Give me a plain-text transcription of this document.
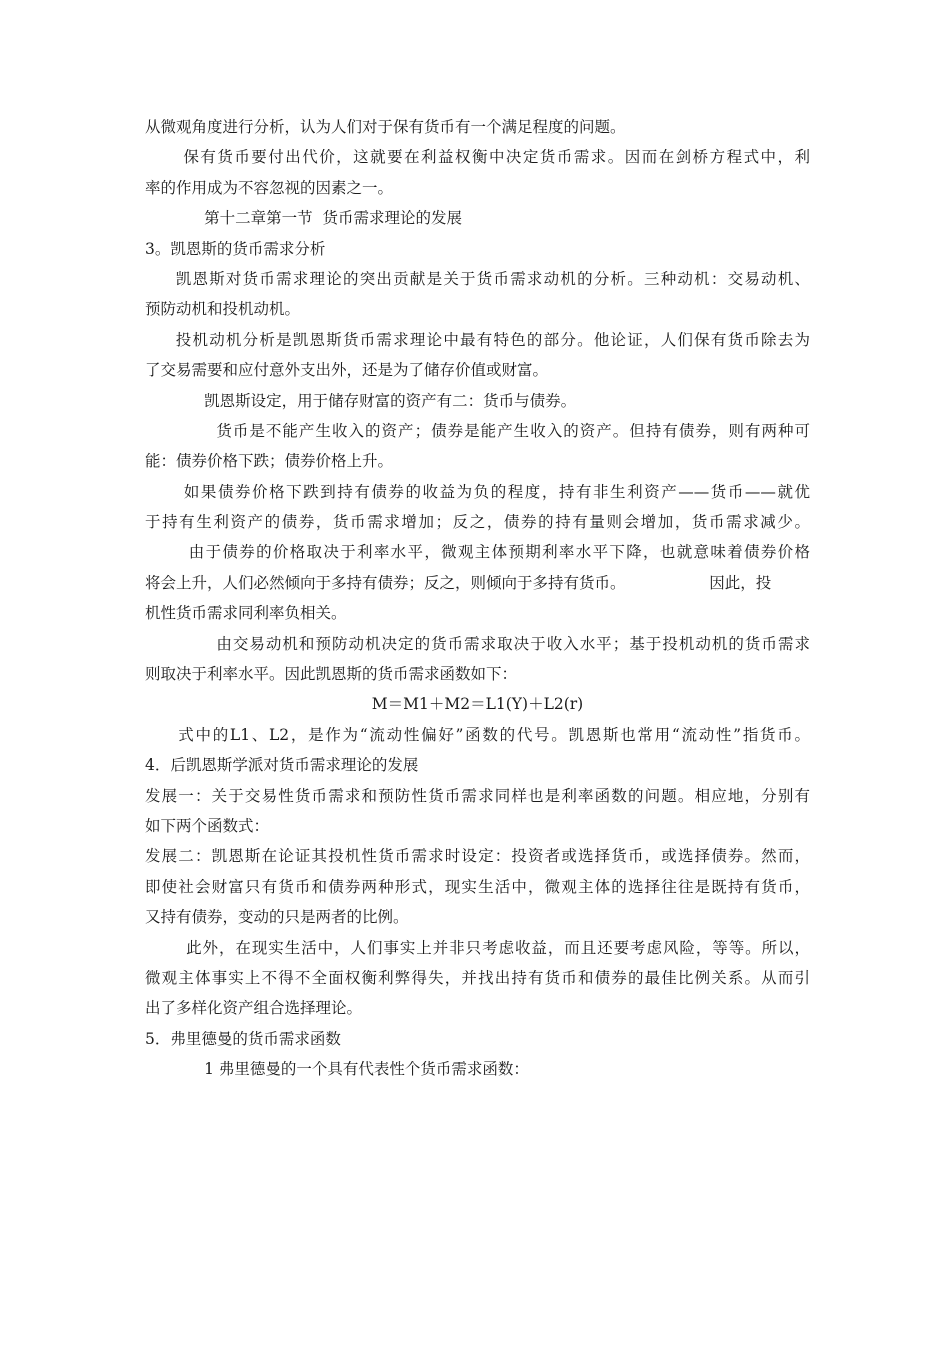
从微观角度进行分析，认为人们对于保有货币有一个满足程度的问题。
保有货币要付出代价，这就要在利益权衡中决定货币需求。因而在剑桥方程式中，利
率的作用成为不容忽视的因素之一。
第十二章第一节  货币需求理论的发展
3。凯恩斯的货币需求分析
凯恩斯对货币需求理论的突出贡献是关于货币需求动机的分析。三种动机：交易动机、
预防动机和投机动机。
投机动机分析是凯恩斯货币需求理论中最有特色的部分。他论证，人们保有货币除去为
了交易需要和应付意外支出外，还是为了储存价值或财富。
凯恩斯设定，用于储存财富的资产有二：货币与债券。
货币是不能产生收入的资产；债券是能产生收入的资产。但持有债券，则有两种可
能：债券价格下跌；债券价格上升。
如果债券价格下跌到持有债券的收益为负的程度，持有非生利资产——货币——就优
于持有生利资产的债券，货币需求增加；反之，债券的持有量则会增加，货币需求减少。
由于债券的价格取决于利率水平，微观主体预期利率水平下降，也就意味着债券价格
将会上升，人们必然倾向于多持有债券；反之，则倾向于多持有货币。                 因此，投
机性货币需求同利率负相关。
由交易动机和预防动机决定的货币需求取决于收入水平；基于投机动机的货币需求
则取决于利率水平。因此凯恩斯的货币需求函数如下：
M＝M1＋M2＝L1(Y)＋L2(r)
式中的L1、L2，是作为“流动性偏好”函数的代号。凯恩斯也常用“流动性”指货币。
4．后凯恩斯学派对货币需求理论的发展
发展一：关于交易性货币需求和预防性货币需求同样也是利率函数的问题。相应地，分别有
如下两个函数式：
发展二：凯恩斯在论证其投机性货币需求时设定：投资者或选择货币，或选择债券。然而，
即使社会财富只有货币和债券两种形式，现实生活中，微观主体的选择往往是既持有货币，
又持有债券，变动的只是两者的比例。
此外，在现实生活中，人们事实上并非只考虑收益，而且还要考虑风险，等等。所以，
微观主体事实上不得不全面权衡利弊得失，并找出持有货币和债券的最佳比例关系。从而引
出了多样化资产组合选择理论。
5．弗里德曼的货币需求函数
1 弗里德曼的一个具有代表性个货币需求函数：
